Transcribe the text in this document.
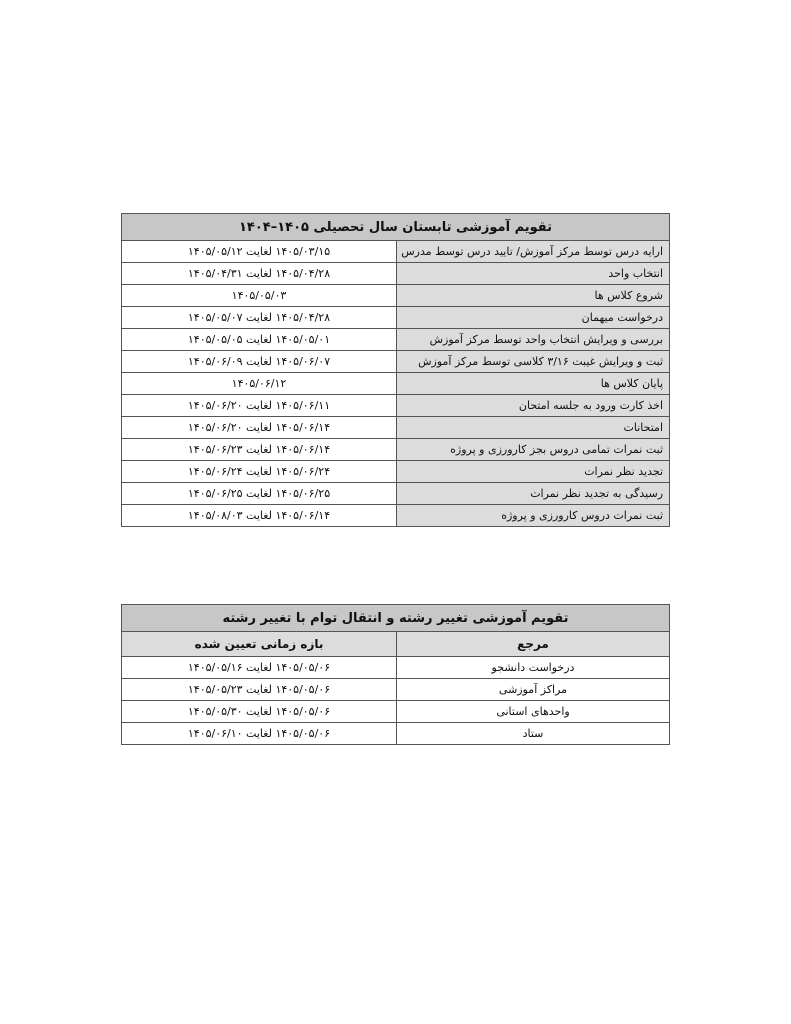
تقویم آموزشی تابستان سال تحصیلی ۱۴۰۵–۱۴۰۴	
ارایه درس توسط مرکز آموزش/ تایید درس توسط مدرس	۱۴۰۵/۰۳/۱۵ لغایت ۱۴۰۵/۰۵/۱۲
انتخاب واحد	۱۴۰۵/۰۴/۲۸ لغایت ۱۴۰۵/۰۴/۳۱
شروع کلاس ها	۱۴۰۵/۰۵/۰۳
درخواست میهمان	۱۴۰۵/۰۴/۲۸ لغایت ۱۴۰۵/۰۵/۰۷
بررسی و ویرایش انتخاب واحد توسط مرکز آموزش	۱۴۰۵/۰۵/۰۱ لغایت ۱۴۰۵/۰۵/۰۵
ثبت و ویرایش غیبت ۳/۱۶ کلاسی توسط مرکز آموزش	۱۴۰۵/۰۶/۰۷ لغایت ۱۴۰۵/۰۶/۰۹
پایان کلاس ها	۱۴۰۵/۰۶/۱۲
اخذ کارت ورود به جلسه امتحان	۱۴۰۵/۰۶/۱۱ لغایت ۱۴۰۵/۰۶/۲۰
امتحانات	۱۴۰۵/۰۶/۱۴ لغایت ۱۴۰۵/۰۶/۲۰
ثبت نمرات تمامی دروس بجز کارورزی و پروژه	۱۴۰۵/۰۶/۱۴ لغایت ۱۴۰۵/۰۶/۲۳
تجدید نظر نمرات	۱۴۰۵/۰۶/۲۴ لغایت ۱۴۰۵/۰۶/۲۴
رسیدگی به تجدید نظر نمرات	۱۴۰۵/۰۶/۲۵ لغایت ۱۴۰۵/۰۶/۲۵
ثبت نمرات دروس کارورزی و پروژه	۱۴۰۵/۰۶/۱۴ لغایت ۱۴۰۵/۰۸/۰۳
تقویم آموزشی تغییر رشته و انتقال توام با تغییر رشته	
مرجع	بازه زمانی تعیین شده
درخواست دانشجو	۱۴۰۵/۰۵/۰۶ لغایت ۱۴۰۵/۰۵/۱۶
مراکز آموزشی	۱۴۰۵/۰۵/۰۶ لغایت ۱۴۰۵/۰۵/۲۳
واحدهای استانی	۱۴۰۵/۰۵/۰۶ لغایت ۱۴۰۵/۰۵/۳۰
ستاد	۱۴۰۵/۰۵/۰۶ لغایت ۱۴۰۵/۰۶/۱۰
